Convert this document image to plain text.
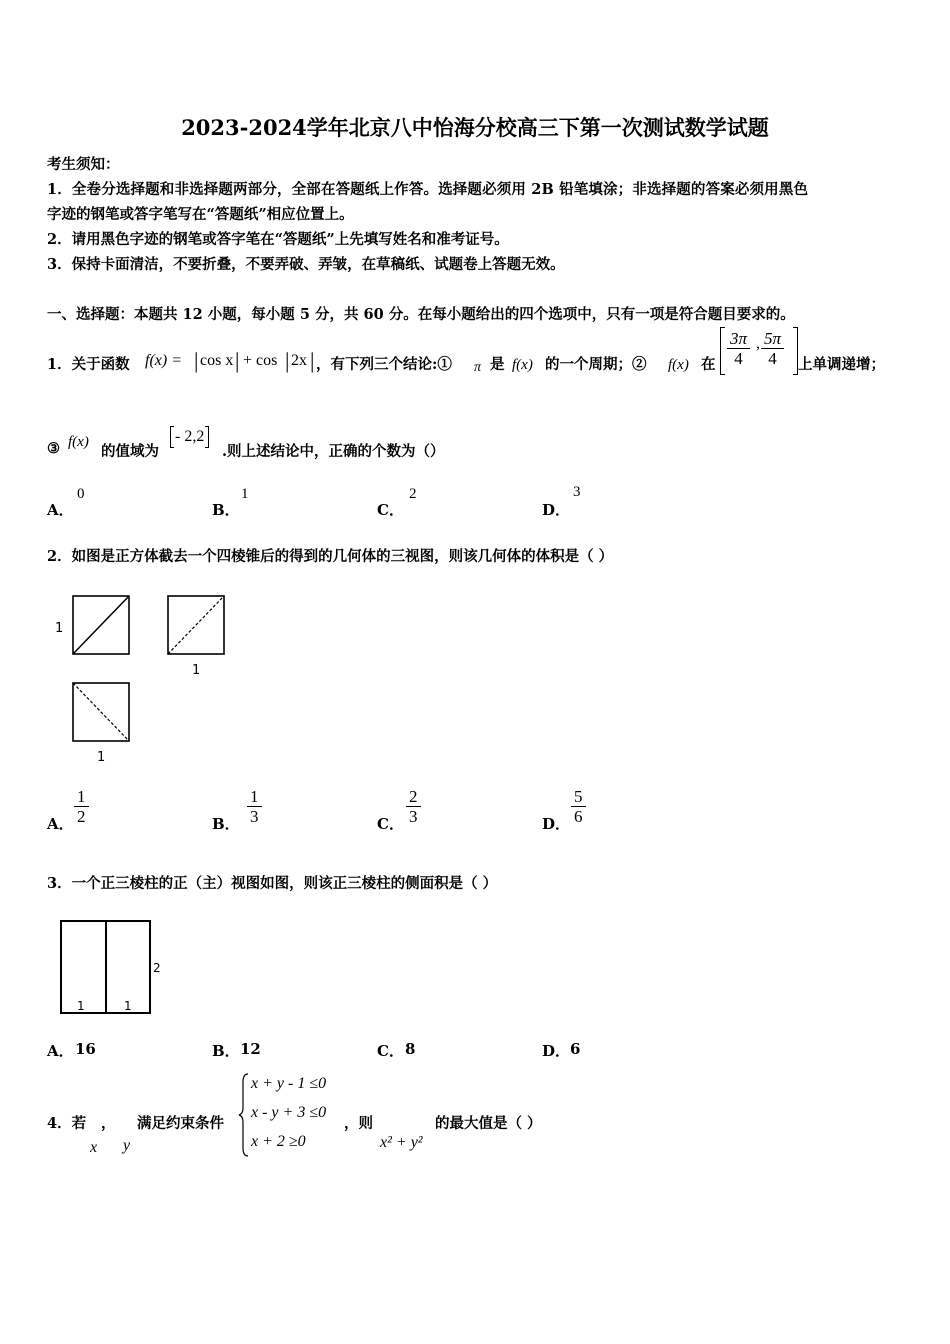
2023-2024学年北京八中怡海分校高三下第一次测试数学试题
考生须知：
1．全卷分选择题和非选择题两部分，全部在答题纸上作答。选择题必须用 2B 铅笔填涂；非选择题的答案必须用黑色
字迹的钢笔或答字笔写在“答题纸”相应位置上。
2．请用黑色字迹的钢笔或答字笔在“答题纸”上先填写姓名和准考证号。
3．保持卡面清洁，不要折叠，不要弄破、弄皱，在草稿纸、试题卷上答题无效。
一、选择题：本题共 12 小题，每小题 5 分，共 60 分。在每小题给出的四个选项中，只有一项是符合题目要求的。
1．关于函数 f(x) = | cos x | + cos | 2x | ，有下列三个结论:① π 是 f(x) 的一个周期；② f(x) 在 $\frac{3\pi}{4}$ , $\frac{5\pi}{4}$ 上单调递增；
③ f(x)
的值域为
- 2,2
.则上述结论中，正确的个数为（）
A．
0
B．
1
C．
2
D．
3
2．如图是正方体截去一个四棱锥后的得到的几何体的三视图，则该几何体的体积是（ ）
1
1
1
A． $\frac{1}{2}$	B． $\frac{1}{3}$	C． $\frac{2}{3}$	D． $\frac{5}{6}$
3．一个正三棱柱的正（主）视图如图，则该正三棱柱的侧面积是（ ）
2
1	1
A． 16	B． 12	C． 8	D． 6
4．若 ， 满足约束条件
x y
x + y - 1 ≤0
x - y + 3 ≤0
x + 2 ≥0
，则
x² + y²
的最大值是（ ）
